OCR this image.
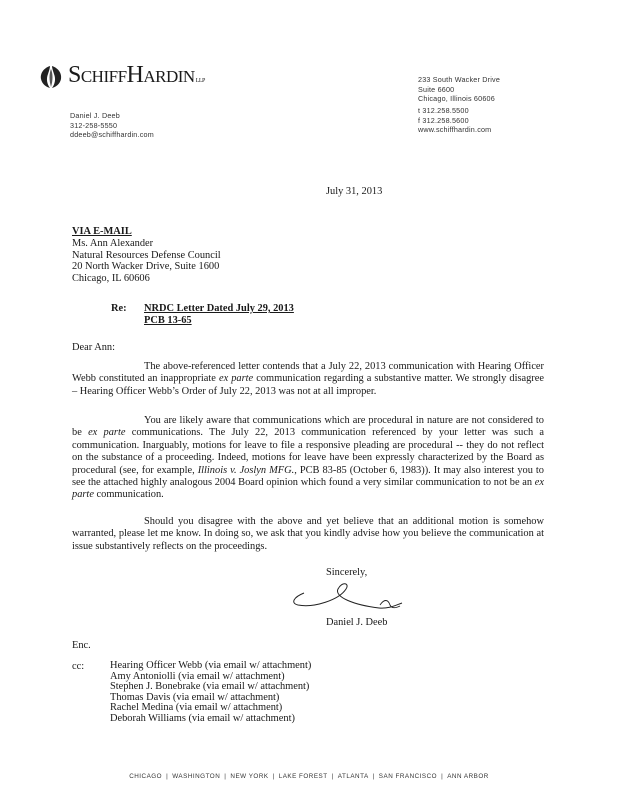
SchiffHardinLLP
Daniel J. Deeb
312-258-5550
ddeeb@schiffhardin.com
233 South Wacker Drive
Suite 6600
Chicago, Illinois 60606
t 312.258.5500
f 312.258.5600
www.schiffhardin.com
July 31, 2013
VIA E-MAIL
Ms. Ann Alexander
Natural Resources Defense Council
20 North Wacker Drive, Suite 1600
Chicago, IL 60606
Re: NRDC Letter Dated July 29, 2013
PCB 13-65
Dear Ann:

The above-referenced letter contends that a July 22, 2013 communication with Hearing Officer Webb constituted an inappropriate ex parte communication regarding a substantive matter. We strongly disagree – Hearing Officer Webb’s Order of July 22, 2013 was not at all improper.

You are likely aware that communications which are procedural in nature are not considered to be ex parte communications. The July 22, 2013 communication referenced by your letter was such a communication. Inarguably, motions for leave to file a responsive pleading are procedural -- they do not reflect on the substance of a proceeding. Indeed, motions for leave have been expressly characterized by the Board as procedural (see, for example, Illinois v. Joslyn MFG., PCB 83-85 (October 6, 1983)). It may also interest you to see the attached highly analogous 2004 Board opinion which found a very similar communication to not be an ex parte communication.

Should you disagree with the above and yet believe that an additional motion is somehow warranted, please let me know. In doing so, we ask that you kindly advise how you believe the communication at issue substantively reflects on the proceedings.

Sincerely,
Daniel J. Deeb
Enc.
cc: Hearing Officer Webb (via email w/ attachment)
Amy Antoniolli (via email w/ attachment)
Stephen J. Bonebrake (via email w/ attachment)
Thomas Davis (via email w/ attachment)
Rachel Medina (via email w/ attachment)
Deborah Williams (via email w/ attachment)
CHICAGO | WASHINGTON | NEW YORK | LAKE FOREST | ATLANTA | SAN FRANCISCO | ANN ARBOR
